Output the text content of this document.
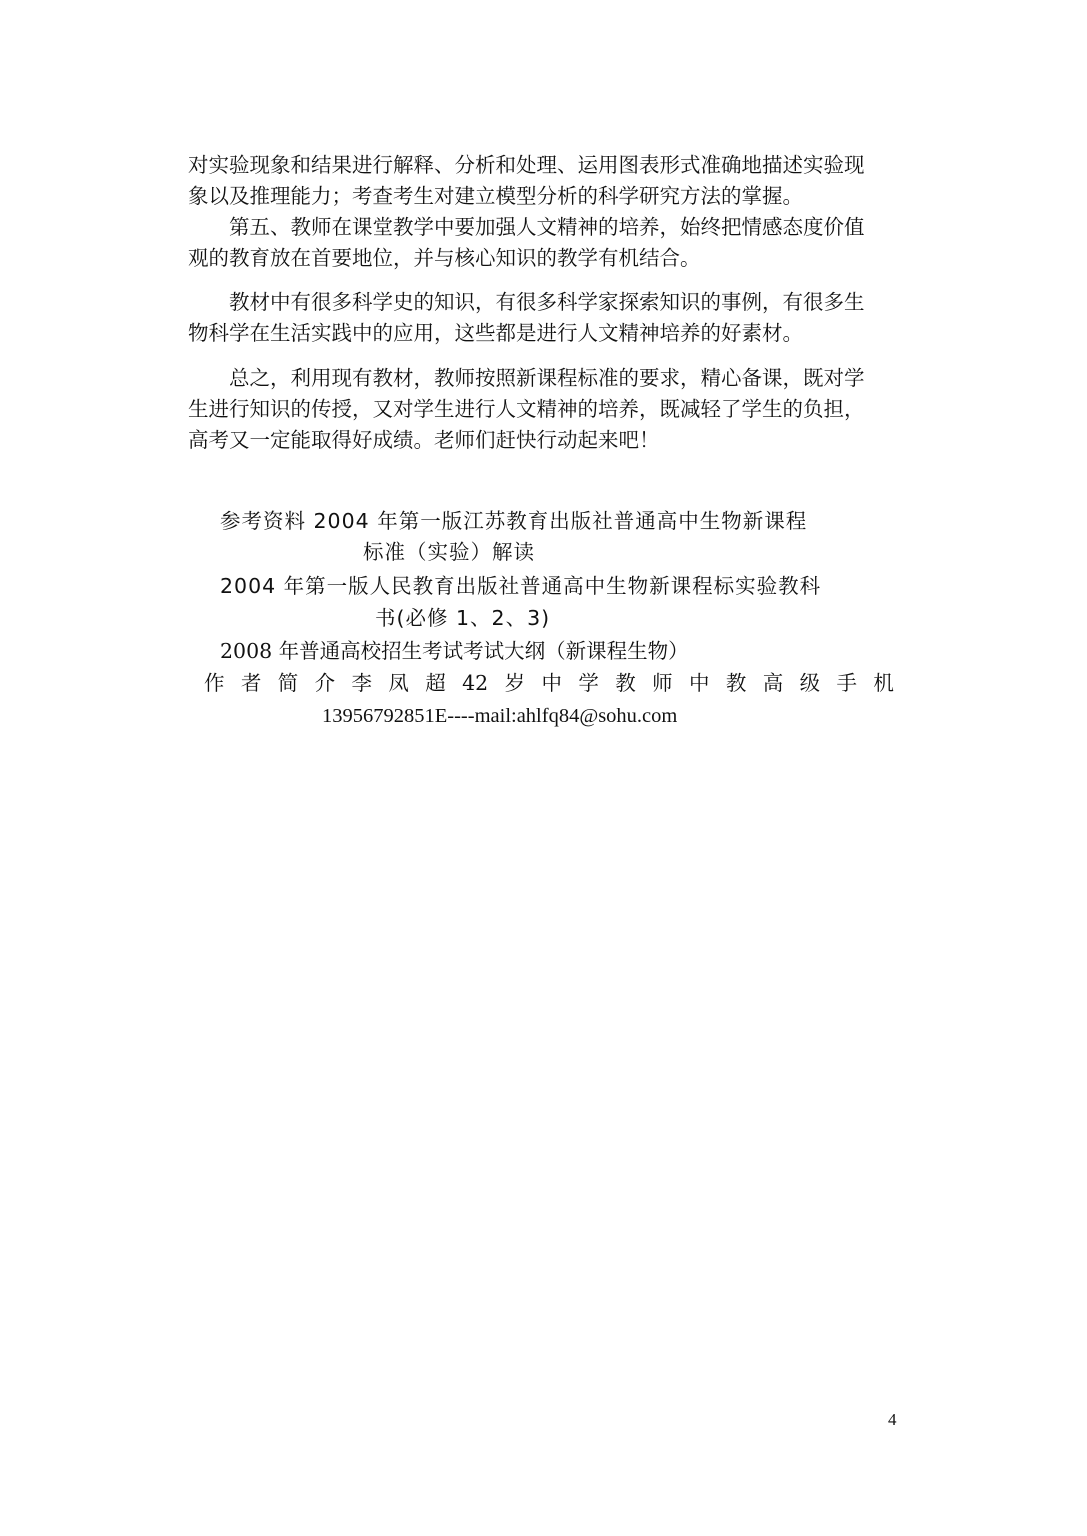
对实验现象和结果进行解释、分析和处理、运用图表形式准确地描述实验现
象以及推理能力；考查考生对建立模型分析的科学研究方法的掌握。

第五、教师在课堂教学中要加强人文精神的培养，始终把情感态度价值
观的教育放在首要地位，并与核心知识的教学有机结合。

教材中有很多科学史的知识，有很多科学家探索知识的事例，有很多生
物科学在生活实践中的应用，这些都是进行人文精神培养的好素材。

总之，利用现有教材，教师按照新课程标准的要求，精心备课，既对学
生进行知识的传授，又对学生进行人文精神的培养，既减轻了学生的负担，
高考又一定能取得好成绩。老师们赶快行动起来吧！

参考资料 2004 年第一版江苏教育出版社普通高中生物新课程

标准（实验）解读

2004 年第一版人民教育出版社普通高中生物新课程标实验教科

书(必修 1、2、3)

2008 年普通高校招生考试考试大纲（新课程生物）

作 者 简 介 李 凤 超 42 岁 中 学 教 师 中 教 高 级 手 机

13956792851E----mail:ahlfq84@sohu.com

4
